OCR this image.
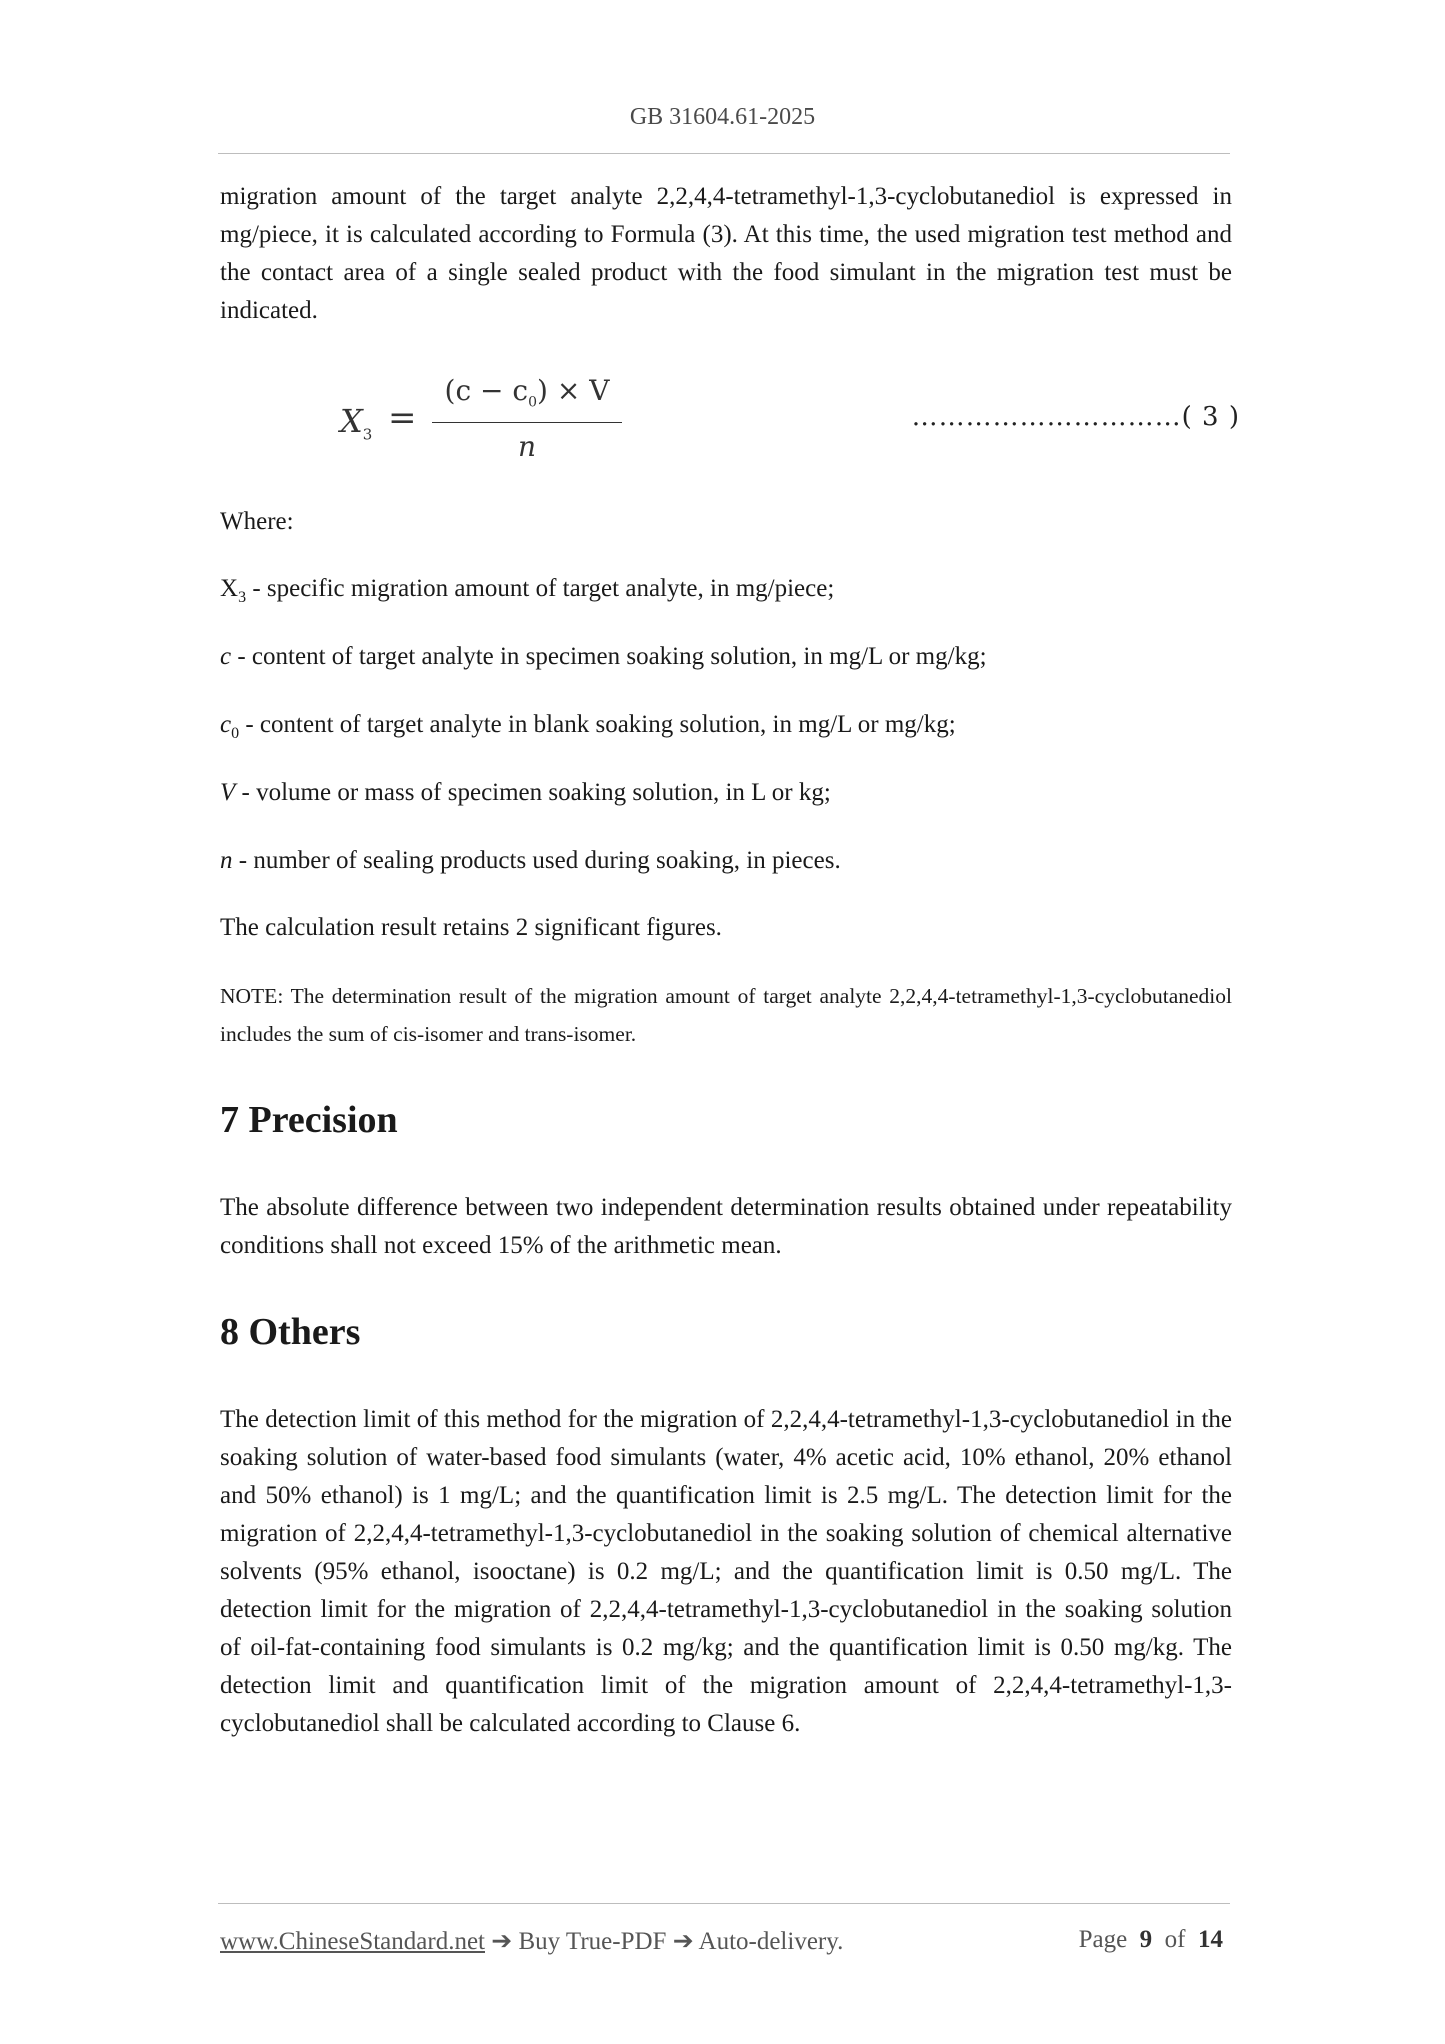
GB 31604.61-2025
migration amount of the target analyte 2,2,4,4-tetramethyl-1,3-cyclobutanediol is expressed in mg/piece, it is calculated according to Formula (3). At this time, the used migration test method and the contact area of a single sealed product with the food simulant in the migration test must be indicated.
$X_3$ =
$(c - c_0) \times V$
n
…………………………( 3 )
Where:
$X_3$ - specific migration amount of target analyte, in mg/piece;
c - content of target analyte in specimen soaking solution, in mg/L or mg/kg;
$c_0$ - content of target analyte in blank soaking solution, in mg/L or mg/kg;
V - volume or mass of specimen soaking solution, in L or kg;
n - number of sealing products used during soaking, in pieces.
The calculation result retains 2 significant figures.
NOTE: The determination result of the migration amount of target analyte 2,2,4,4-tetramethyl-1,3-cyclobutanediol includes the sum of cis-isomer and trans-isomer.
7 Precision
The absolute difference between two independent determination results obtained under repeatability conditions shall not exceed 15% of the arithmetic mean.
8 Others
The detection limit of this method for the migration of 2,2,4,4-tetramethyl-1,3-cyclobutanediol in the soaking solution of water-based food simulants (water, 4% acetic acid, 10% ethanol, 20% ethanol and 50% ethanol) is 1 mg/L; and the quantification limit is 2.5 mg/L. The detection limit for the migration of 2,2,4,4-tetramethyl-1,3-cyclobutanediol in the soaking solution of chemical alternative solvents (95% ethanol, isooctane) is 0.2 mg/L; and the quantification limit is 0.50 mg/L. The detection limit for the migration of 2,2,4,4-tetramethyl-1,3-cyclobutanediol in the soaking solution of oil-fat-containing food simulants is 0.2 mg/kg; and the quantification limit is 0.50 mg/kg. The detection limit and quantification limit of the migration amount of 2,2,4,4-tetramethyl-1,3-cyclobutanediol shall be calculated according to Clause 6.
www.ChineseStandard.net ➔ Buy True-PDF ➔ Auto-delivery.	Page 9 of 14
